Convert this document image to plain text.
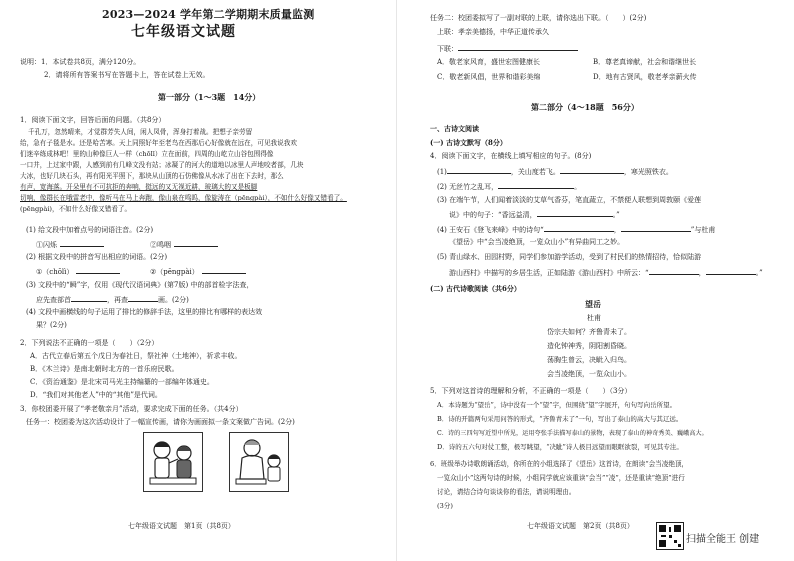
2023—2024 学年第二学期期末质量监测
七年级语文试题
说明：1．本试卷共8页，满分120分。
2．请将所有答案书写在答题卡上，答在试卷上无效。
第一部分（1～3题　14分）
1．阅读下面文字，回答后面的问题。（共8分）
千孔万，忽然晴来，才觉群芳失人间，闲人凤骨，浑身打着战。把想子亲劳留
给，急有子毯是水。还是哈苦寒。天上同照好年至老鸟在西那后心好像就在远在，可见我说我欢
们迷辛练成林吧！里的山种像巨人一样（chōlī）立在面前，四周的山屹立山谷包围得像
一口井，上过家中跟，人感到前有几峰文没有站；冰凝了的河大的道地以冰里人声地咬者部，几块
大冰，也好几块石头，再有阳光平照下，那块从山顶的石仿佛像从水冰了出在下去时，那么
有声，宽海落。开朵里有不可抗拒的奔响，挺远的又无视近耕，玻璃大的又是板脚
切响，像群长在哦雷老中，像听马在马上奔跑，像山泉在鸣呜，像旋涛在（pēngpài），不如什么好像又错看了。
(pēngpài)，不如什么好像又错看了。
(1) 给文段中加着点号的词语注音。(2分)
①闪烁	②鸣咽
(2) 根据文段中的拼音写出相应的词语。(2分)
①（chōlì）	②（pēngpài）
(3) 文段中的“瞬”字，仅用《现代汉语词典》(第7版) 中的部首检字法查，
应先查部首	，再查	画。(2分)
(4) 文段中画横线的句子运用了排比的修辞手法，这里的排比有哪样的表达效
果？(2分)
2．下列说法不正确的一项是（　　）（2分）
A．古代立春后第五个戊日为春社日，祭社神（土地神），祈求丰收。
B．《木兰诗》是南北朝时北方的一首乐府民歌。
C．《资治通鉴》是北宋司马光主持编纂的一部编年体通史。
D．“我们对其他老人”中的“其他”是代词。
3．你校团委开展了“孝老敬亲月”活动，要求完成下面的任务。（共4分）
任务一：校团委为这次活动设计了一幅宣传画，请你为画面拟一条文案做广告词。(2分)
七年级语文试题　第1页（共8页）
任务二：校团委拟写了一副对联的上联，请你选出下联。（　　）(2分)
上联：孝亲美德扬，中华正道传承久
下联：
A．敬老家风育，盛世宏图健康长	B．尊老真谛献，社会和谐继世长
C．敬老新风倡，世界和谐彩美绵	D．地有古贤风，敬老孝亲薪火传
第二部分（4～18题　56分）
一、古诗文阅读
(一) 古诗文默写（8分）
4．阅读下面文字，在横线上填写相应的句子。(8分)
(1)	，关山度若飞。	，寒光照铁衣。
(2) 无丝竹之乱耳，	。
(3) 在端午节，人们闻着淡淡的艾草气香芬，笔直蔬立，不禁便人联想到周敦颐《爱莲
说》中的句子：“香远益清，	。”
(4) 王安石《登飞来峰》中的诗句“	，	”与杜甫
《望岳》中“会当凌绝顶，一览众山小”有异曲同工之妙。
(5) 青山绿水、田园村野，同学们参加游学活动，受到了村民们的热情招待，恰似陆游
游山西村》中描写的乡居生活，正如陆游《游山西村》中所云：“	，	。”
(二) 古代诗歌阅读（共6分）
望岳
杜甫
岱宗夫如何？齐鲁青未了。
造化钟神秀，阴阳割昏晓。
荡胸生曾云，决眦入归鸟。
会当凌绝顶，一览众山小。
5．下列对这首诗的理解和分析，不正确的一项是（　　）（3分）
A．本诗题为“望岳”，诗中没有一个“望”字，但围绕“望”字展开，句句写向岳所望。
B．诗的开篇两句采用问答的形式，“齐鲁青未了”一句，写出了泰山的高大与其辽远。
C．诗的三四句写近望中所见，运用夸张手法描写泰山的景物，表现了泰山的神奇秀美、巍峨高大。
D．诗的五六句对仗工整，极写眺望，“决眦”诗人极目远望而眼眶欲裂，可见其专注。
6．班级举办诗歌朗诵活动，你所在的小组选择了《望岳》这首诗，在朗读“会当凌绝顶，
一览众山小”这两句诗的时候，小组同学就应该重读“会当”“凌”，还是重读“绝顶”进行
讨论，请结合诗句谈谈你的看法，请说明理由。
(3分)
七年级语文试题　第2页（共8页）
扫描全能王 创建
